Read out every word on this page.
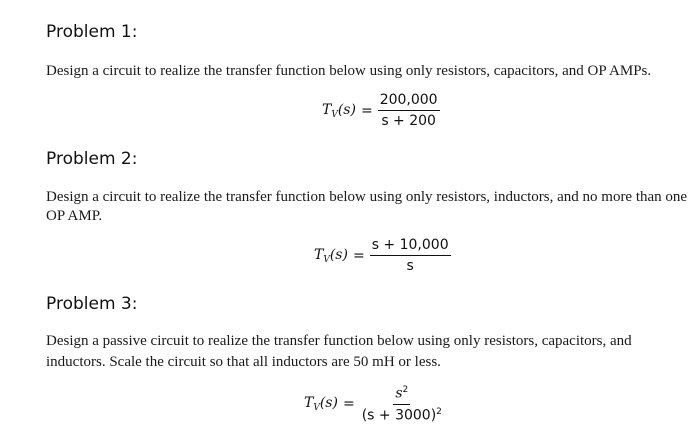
Problem 1:
Design a circuit to realize the transfer function below using only resistors, capacitors, and OP AMPs.
$T_V(s) = \frac{200,000}{s + 200}$
Problem 2:
Design a circuit to realize the transfer function below using only resistors, inductors, and no more than one
OP AMP.
$T_V(s) = \frac{s + 10,000}{s}$
Problem 3:
Design a passive circuit to realize the transfer function below using only resistors, capacitors, and
inductors. Scale the circuit so that all inductors are 50 mH or less.
$T_V(s) = \frac{s^2}{(s + 3000)^2}$
